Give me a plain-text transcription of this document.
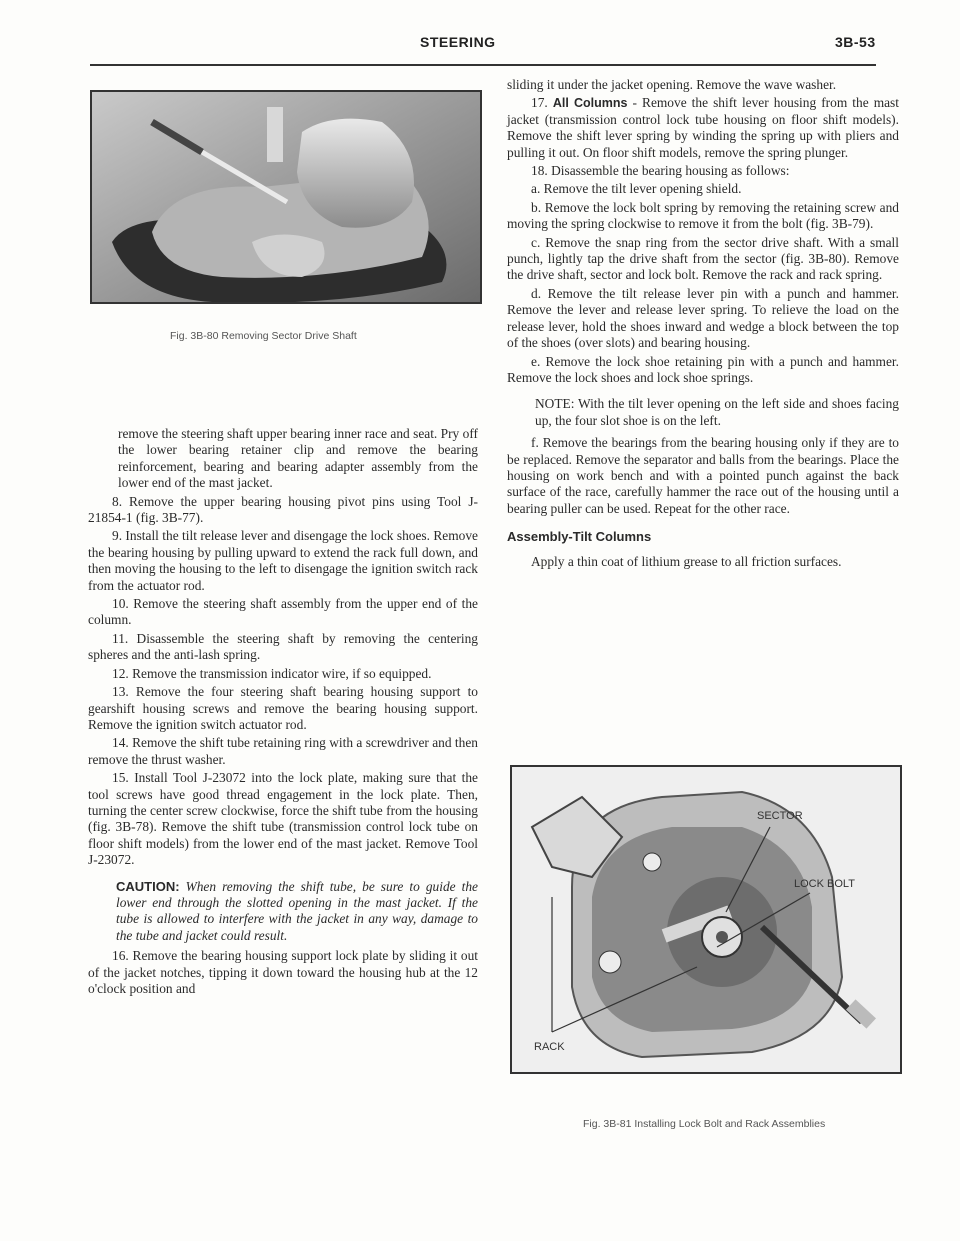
STEERING	3B-53
Fig. 3B-80 Removing Sector Drive Shaft

remove the steering shaft upper bearing inner race and seat. Pry off the lower bearing retainer clip and remove the bearing reinforcement, bearing and bearing adapter assembly from the lower end of the mast jacket.

8. Remove the upper bearing housing pivot pins using Tool J-21854-1 (fig. 3B-77).

9. Install the tilt release lever and disengage the lock shoes. Remove the bearing housing by pulling upward to extend the rack full down, and then moving the housing to the left to disengage the ignition switch rack from the actuator rod.

10. Remove the steering shaft assembly from the upper end of the column.

11. Disassemble the steering shaft by removing the centering spheres and the anti-lash spring.

12. Remove the transmission indicator wire, if so equipped.

13. Remove the four steering shaft bearing housing support to gearshift housing screws and remove the bearing housing support. Remove the ignition switch actuator rod.

14. Remove the shift tube retaining ring with a screwdriver and then remove the thrust washer.

15. Install Tool J-23072 into the lock plate, making sure that the tool screws have good thread engagement in the lock plate. Then, turning the center screw clockwise, force the shift tube from the housing (fig. 3B-78). Remove the shift tube (transmission control lock tube on floor shift models) from the lower end of the mast jacket. Remove Tool J-23072.

CAUTION: When removing the shift tube, be sure to guide the lower end through the slotted opening in the mast jacket. If the tube is allowed to interfere with the jacket in any way, damage to the tube and jacket could result.

16. Remove the bearing housing support lock plate by sliding it out of the jacket notches, tipping it down toward the housing hub at the 12 o'clock position and

sliding it under the jacket opening. Remove the wave washer.

17. All Columns - Remove the shift lever housing from the mast jacket (transmission control lock tube housing on floor shift models). Remove the shift lever spring by winding the spring up with pliers and pulling it out. On floor shift models, remove the spring plunger.

18. Disassemble the bearing housing as follows:

a. Remove the tilt lever opening shield.

b. Remove the lock bolt spring by removing the retaining screw and moving the spring clockwise to remove it from the bolt (fig. 3B-79).

c. Remove the snap ring from the sector drive shaft. With a small punch, lightly tap the drive shaft from the sector (fig. 3B-80). Remove the drive shaft, sector and lock bolt. Remove the rack and rack spring.

d. Remove the tilt release lever pin with a punch and hammer. Remove the lever and release lever spring. To relieve the load on the release lever, hold the shoes inward and wedge a block between the top of the shoes (over slots) and bearing housing.

e. Remove the lock shoe retaining pin with a punch and hammer. Remove the lock shoes and lock shoe springs.

NOTE: With the tilt lever opening on the left side and shoes facing up, the four slot shoe is on the left.

f. Remove the bearings from the bearing housing only if they are to be replaced. Remove the separator and balls from the bearings. Place the housing on work bench and with a pointed punch against the back surface of the race, carefully hammer the race out of the housing until a bearing puller can be used. Repeat for the other race.

Assembly-Tilt Columns

Apply a thin coat of lithium grease to all friction surfaces.

SECTOR
LOCK BOLT
RACK
Fig. 3B-81 Installing Lock Bolt and Rack Assemblies
